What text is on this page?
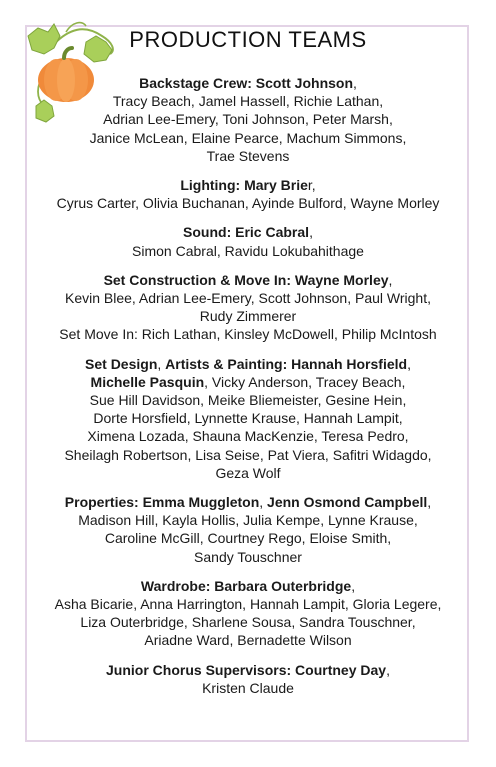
PRODUCTION TEAMS
Backstage Crew: Scott Johnson,
Tracy Beach, Jamel Hassell, Richie Lathan,
Adrian Lee-Emery, Toni Johnson, Peter Marsh,
Janice McLean, Elaine Pearce, Machum Simmons,
Trae Stevens
Lighting: Mary Brier,
Cyrus Carter, Olivia Buchanan, Ayinde Bulford, Wayne Morley
Sound: Eric Cabral,
Simon Cabral, Ravidu Lokubahithage
Set Construction & Move In: Wayne Morley,
Kevin Blee, Adrian Lee-Emery, Scott Johnson, Paul Wright,
Rudy Zimmerer
Set Move In: Rich Lathan, Kinsley McDowell, Philip McIntosh
Set Design, Artists & Painting: Hannah Horsfield,
Michelle Pasquin, Vicky Anderson, Tracey Beach,
Sue Hill Davidson, Meike Bliemeister, Gesine Hein,
Dorte Horsfield, Lynnette Krause, Hannah Lampit,
Ximena Lozada, Shauna MacKenzie, Teresa Pedro,
Sheilagh Robertson, Lisa Seise, Pat Viera, Safitri Widagdo,
Geza Wolf
Properties: Emma Muggleton, Jenn Osmond Campbell,
Madison Hill, Kayla Hollis, Julia Kempe, Lynne Krause,
Caroline McGill, Courtney Rego, Eloise Smith,
Sandy Touschner
Wardrobe: Barbara Outerbridge,
Asha Bicarie, Anna Harrington, Hannah Lampit, Gloria Legere,
Liza Outerbridge, Sharlene Sousa, Sandra Touschner,
Ariadne Ward, Bernadette Wilson
Junior Chorus Supervisors: Courtney Day,
Kristen Claude
